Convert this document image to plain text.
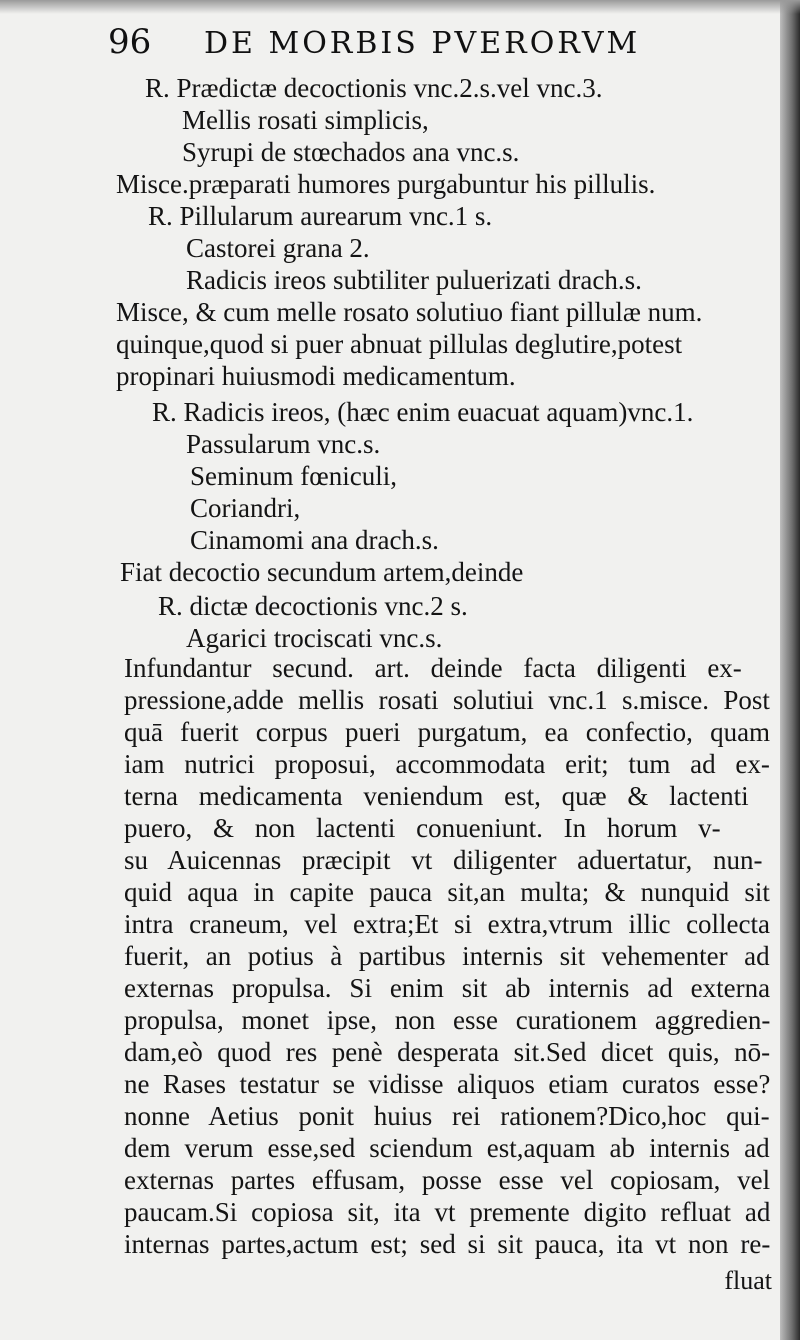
96 DE MORBIS PVERORVM
R. Prædictæ decoctionis vnc.2.s.vel vnc.3.
Mellis rosati simplicis,
Syrupi de stœchados ana vnc.s.
Misce.præparati humores purgabuntur his pillulis.
R. Pillularum aurearum vnc.1 s.
Castorei grana 2.
Radicis ireos subtiliter puluerizati drach.s.
Misce, & cum melle rosato solutiuo fiant pillulæ num.
quinque,quod si puer abnuat pillulas deglutire,potest
propinari huiusmodi medicamentum.
R. Radicis ireos, (hæc enim euacuat aquam)vnc.1.
Passularum vnc.s.
Seminum fœniculi,
Coriandri,
Cinamomi ana drach.s.
Fiat decoctio secundum artem,deinde
R. dictæ decoctionis vnc.2 s.
Agarici trociscati vnc.s.
Infundantur secund. art. deinde facta diligenti ex-
pressione,adde mellis rosati solutiui vnc.1 s.misce. Post
quā fuerit corpus pueri purgatum, ea confectio, quam
iam nutrici proposui, accommodata erit; tum ad ex-
terna medicamenta veniendum est, quæ & lactenti
puero, & non lactenti conueniunt. In horum v-
su Auicennas præcipit vt diligenter aduertatur, nun-
quid aqua in capite pauca sit,an multa; & nunquid sit
intra craneum, vel extra;Et si extra,vtrum illic collecta
fuerit, an potius à partibus internis sit vehementer ad
externas propulsa. Si enim sit ab internis ad externa
propulsa, monet ipse, non esse curationem aggredien-
dam,eò quod res penè desperata sit.Sed dicet quis, nō-
ne Rases testatur se vidisse aliquos etiam curatos esse?
nonne Aetius ponit huius rei rationem?Dico,hoc qui-
dem verum esse,sed sciendum est,aquam ab internis ad
externas partes effusam, posse esse vel copiosam, vel
paucam.Si copiosa sit, ita vt premente digito refluat ad
internas partes,actum est; sed si sit pauca, ita vt non re-
fluat
